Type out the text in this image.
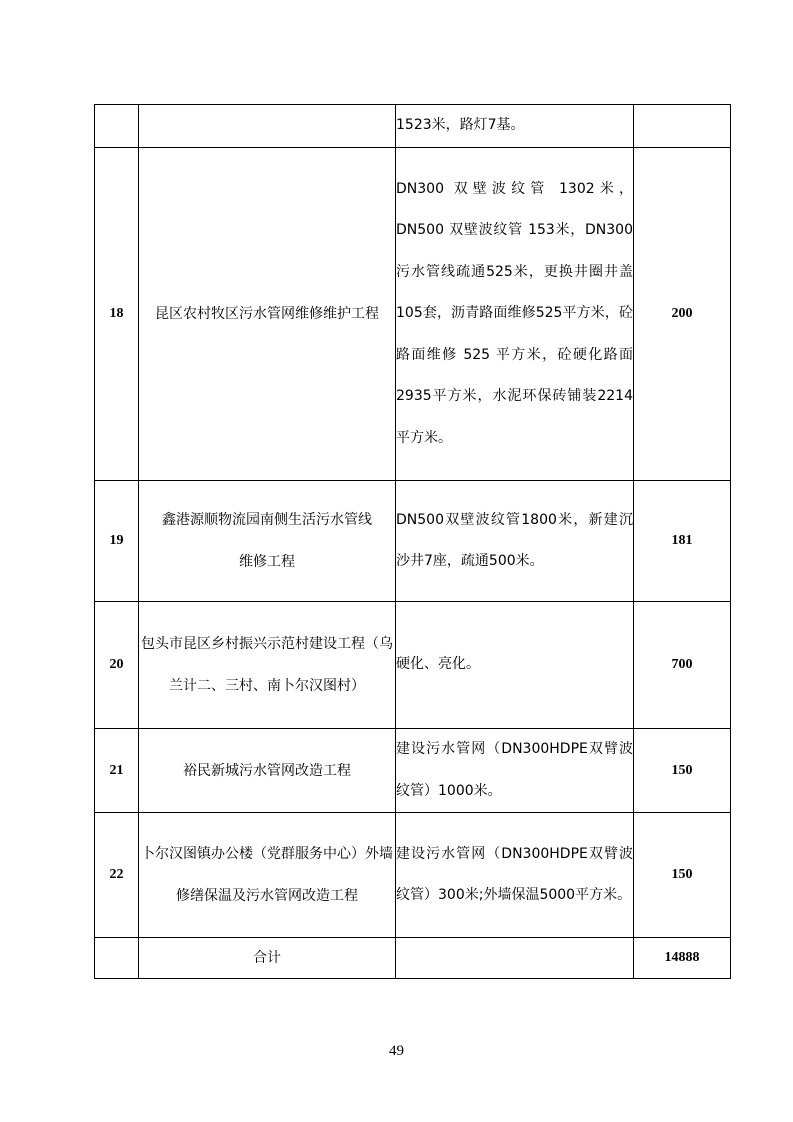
		1523米，路灯7基。	
18	昆区农村牧区污水管网维修维护工程	DN300 双壁波纹管 1302米， DN500 双壁波纹管 153米，DN300污水管线疏通525米，更换井圈井盖105套，沥青路面维修525平方米，砼路面维修 525 平方米，砼硬化路面2935平方米，水泥环保砖铺装2214平方米。	200
19	鑫港源顺物流园南侧生活污水管线维修工程	DN500双壁波纹管1800米，新建沉沙井7座，疏通500米。	181
20	包头市昆区乡村振兴示范村建设工程（乌兰计二、三村、南卜尔汉图村）	硬化、亮化。	700
21	裕民新城污水管网改造工程	建设污水管网（DN300HDPE双臂波纹管）1000米。	150
22	卜尔汉图镇办公楼（党群服务中心）外墙修缮保温及污水管网改造工程	建设污水管网（DN300HDPE双臂波纹管）300米;外墙保温5000平方米。	150
	合计		14888
49
